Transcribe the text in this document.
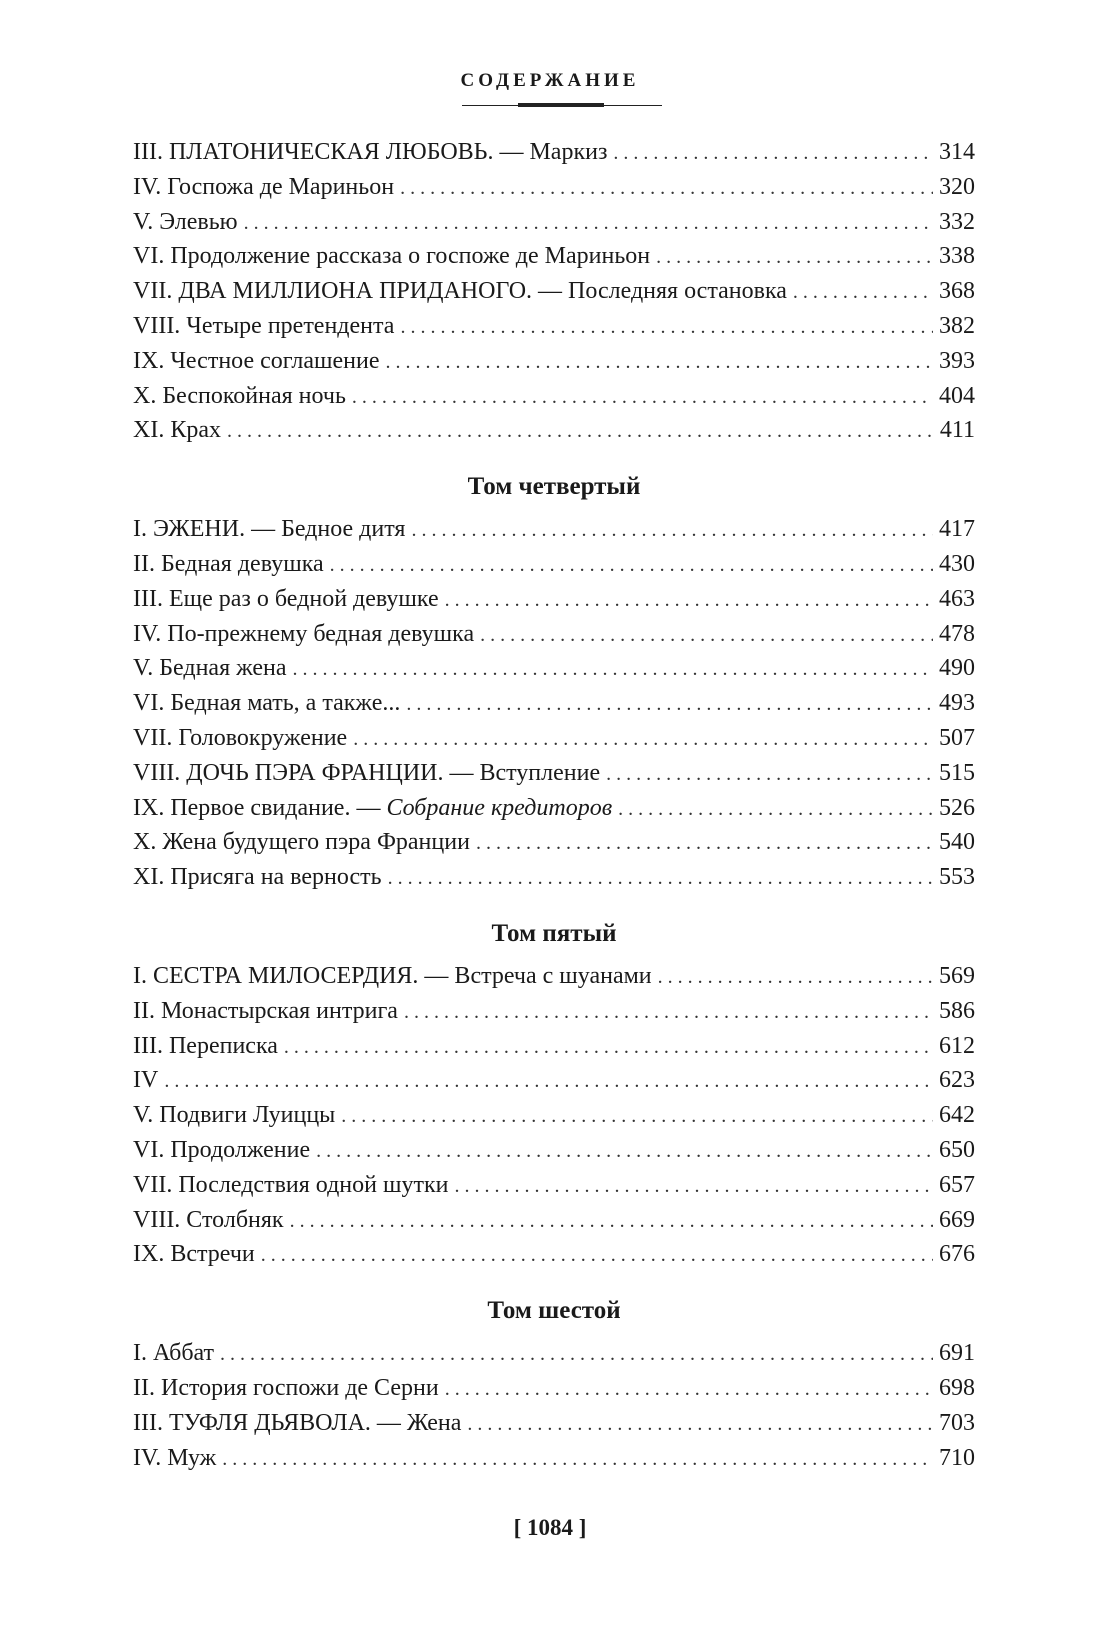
СОДЕРЖАНИЕ
III. ПЛАТОНИЧЕСКАЯ ЛЮБОВЬ. — Маркиз . . .	314
IV. Госпожа де Мариньон . . .	320
V. Элевью . . .	332
VI. Продолжение рассказа о госпоже де Мариньон . . .	338
VII. ДВА МИЛЛИОНА ПРИДАНОГО. — Последняя остановка . . .	368
VIII. Четыре претендента . . .	382
IX. Честное соглашение . . .	393
X. Беспокойная ночь . . .	404
XI. Крах . . .	411
Том четвертый
I. ЭЖЕНИ. — Бедное дитя . . .	417
II. Бедная девушка . . .	430
III. Еще раз о бедной девушке . . .	463
IV. По-прежнему бедная девушка . . .	478
V. Бедная жена . . .	490
VI. Бедная мать, а также... . . .	493
VII. Головокружение . . .	507
VIII. ДОЧЬ ПЭРА ФРАНЦИИ. — Вступление . . .	515
IX. Первое свидание. — Собрание кредиторов . . .	526
X. Жена будущего пэра Франции . . .	540
XI. Присяга на верность . . .	553
Том пятый
I. СЕСТРА МИЛОСЕРДИЯ. — Встреча с шуанами . . .	569
II. Монастырская интрига . . .	586
III. Переписка . . .	612
IV . . .	623
V. Подвиги Луиццы . . .	642
VI. Продолжение . . .	650
VII. Последствия одной шутки . . .	657
VIII. Столбняк . . .	669
IX. Встречи . . .	676
Том шестой
I. Аббат . . .	691
II. История госпожи де Серни . . .	698
III. ТУФЛЯ ДЬЯВОЛА. — Жена . . .	703
IV. Муж . . .	710
[ 1084 ]
